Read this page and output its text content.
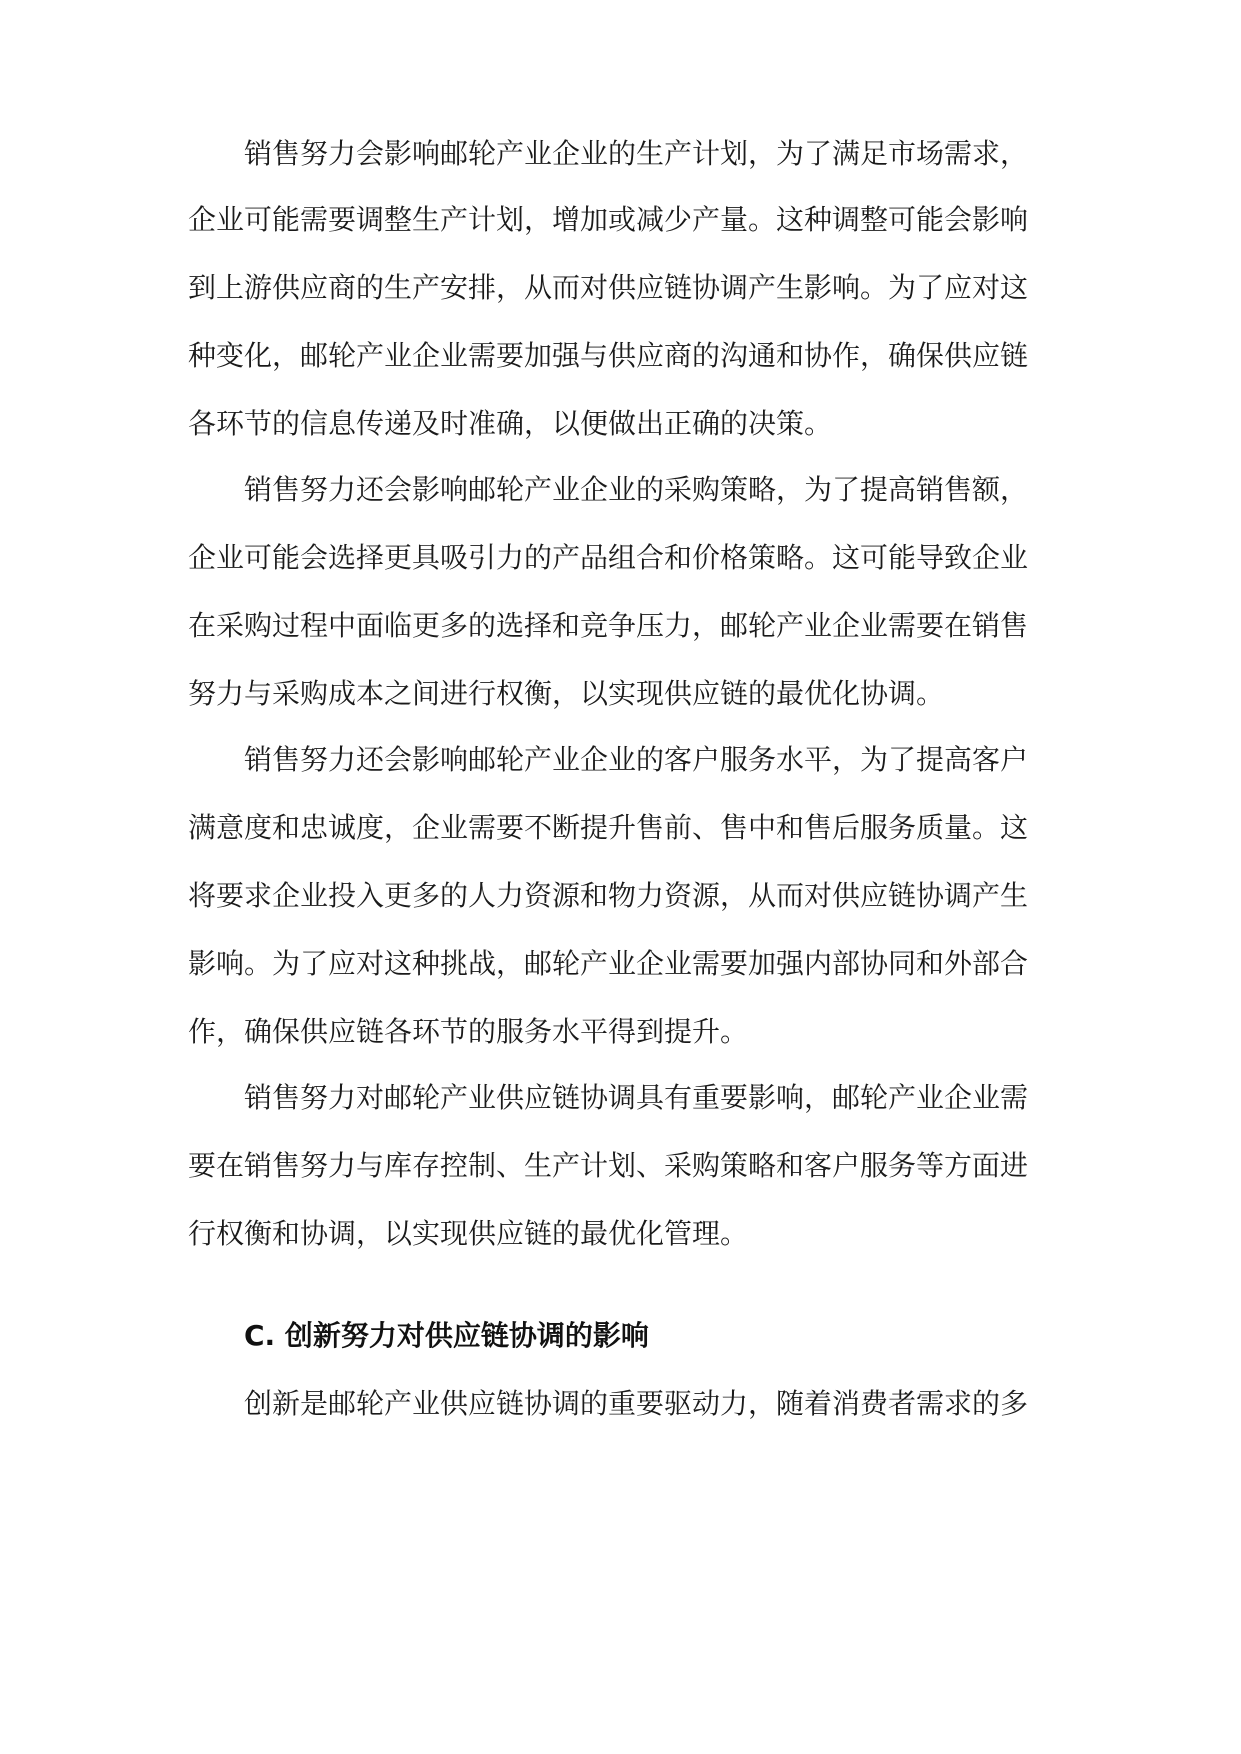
销售努力会影响邮轮产业企业的生产计划，为了满足市场需求，
企业可能需要调整生产计划，增加或减少产量。这种调整可能会影响
到上游供应商的生产安排，从而对供应链协调产生影响。为了应对这
种变化，邮轮产业企业需要加强与供应商的沟通和协作，确保供应链
各环节的信息传递及时准确，以便做出正确的决策。
销售努力还会影响邮轮产业企业的采购策略，为了提高销售额，
企业可能会选择更具吸引力的产品组合和价格策略。这可能导致企业
在采购过程中面临更多的选择和竞争压力，邮轮产业企业需要在销售
努力与采购成本之间进行权衡，以实现供应链的最优化协调。
销售努力还会影响邮轮产业企业的客户服务水平，为了提高客户
满意度和忠诚度，企业需要不断提升售前、售中和售后服务质量。这
将要求企业投入更多的人力资源和物力资源，从而对供应链协调产生
影响。为了应对这种挑战，邮轮产业企业需要加强内部协同和外部合
作，确保供应链各环节的服务水平得到提升。
销售努力对邮轮产业供应链协调具有重要影响，邮轮产业企业需
要在销售努力与库存控制、生产计划、采购策略和客户服务等方面进
行权衡和协调，以实现供应链的最优化管理。
C. 创新努力对供应链协调的影响
创新是邮轮产业供应链协调的重要驱动力，随着消费者需求的多
